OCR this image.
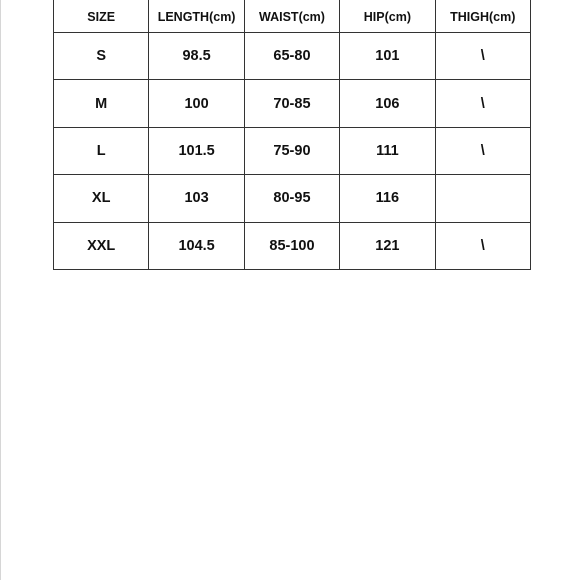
SIZE	LENGTH(cm)	WAIST(cm)	HIP(cm)	THIGH(cm)
S	98.5	65-80	101	\
M	100	70-85	106	\
L	101.5	75-90	111	\
XL	103	80-95	116	
XXL	104.5	85-100	121	\
